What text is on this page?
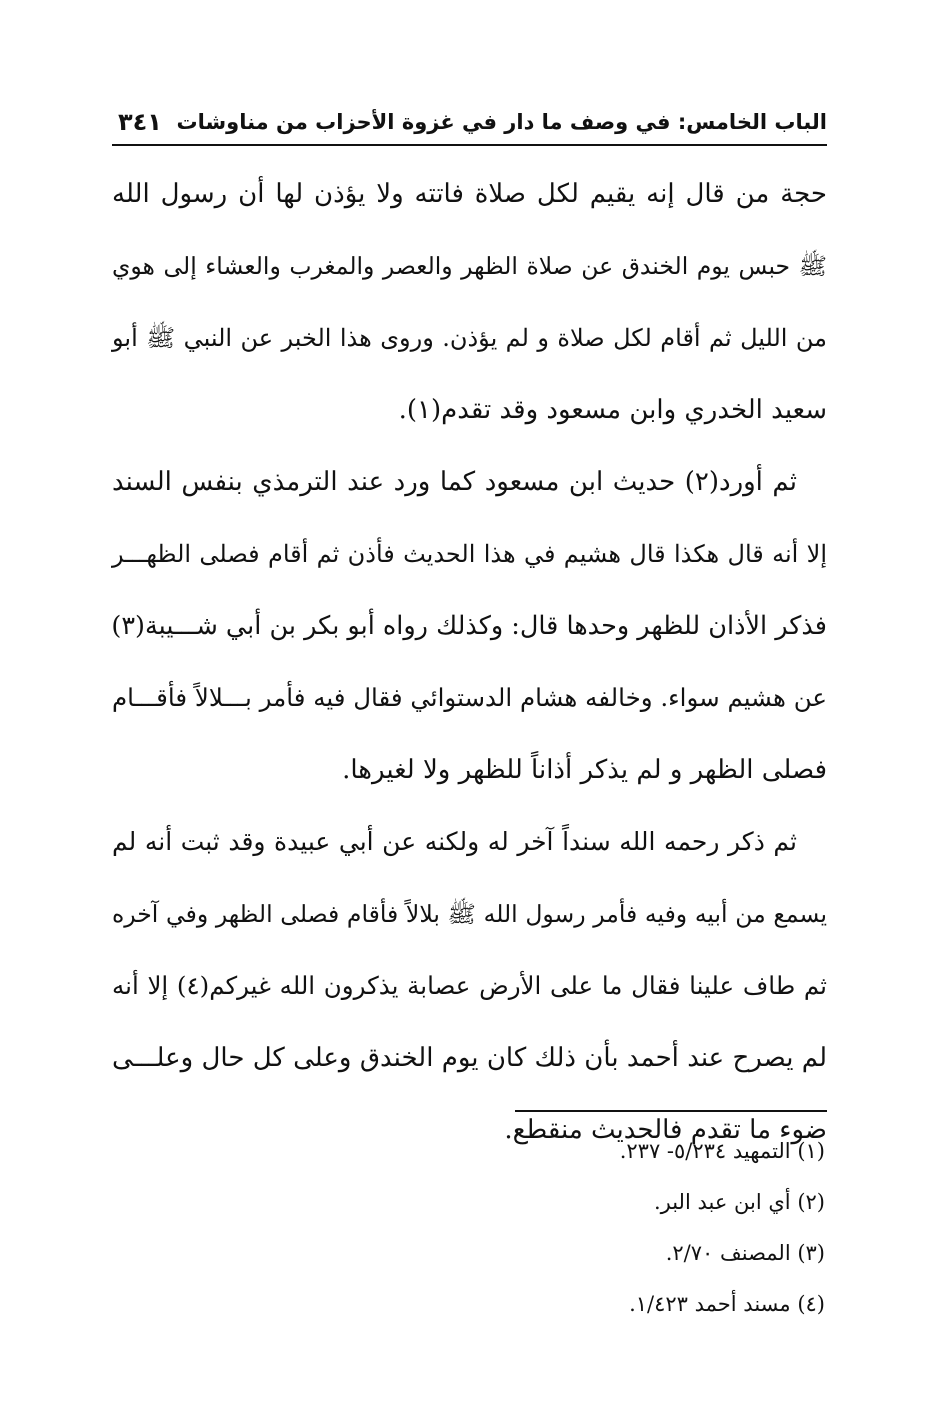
الباب الخامس: في وصف ما دار في غزوة الأحزاب من مناوشات
٣٤١
حجة من قال إنه يقيم لكل صلاة فاتته ولا يؤذن لها أن رسول الله
ﷺ حبس يوم الخندق عن صلاة الظهر والعصر والمغرب والعشاء إلى هوي
من الليل ثم أقام لكل صلاة و لم يؤذن. وروى هذا الخبر عن النبي ﷺ أبو
سعيد الخدري وابن مسعود وقد تقدم(١).
ثم أورد(٢) حديث ابن مسعود كما ورد عند الترمذي بنفس السند
إلا أنه قال هكذا قال هشيم في هذا الحديث فأذن ثم أقام فصلى الظهـــر
فذكر الأذان للظهر وحدها قال: وكذلك رواه أبو بكر بن أبي شـــيبة(٣)
عن هشيم سواء. وخالفه هشام الدستوائي فقال فيه فأمر بـــلالاً فأقـــام
فصلى الظهر و لم يذكر أذاناً للظهر ولا لغيرها.
ثم ذكر رحمه الله سنداً آخر له ولكنه عن أبي عبيدة وقد ثبت أنه لم
يسمع من أبيه وفيه فأمر رسول الله ﷺ بلالاً فأقام فصلى الظهر وفي آخره
ثم طاف علينا فقال ما على الأرض عصابة يذكرون الله غيركم(٤) إلا أنه
لم يصرح عند أحمد بأن ذلك كان يوم الخندق وعلى كل حال وعلـــى
ضوء ما تقدم فالحديث منقطع.
(١) التمهيد ٥/٢٣٤- ٢٣٧.
(٢) أي ابن عبد البر.
(٣) المصنف ٢/٧٠.
(٤) مسند أحمد ١/٤٢٣.
